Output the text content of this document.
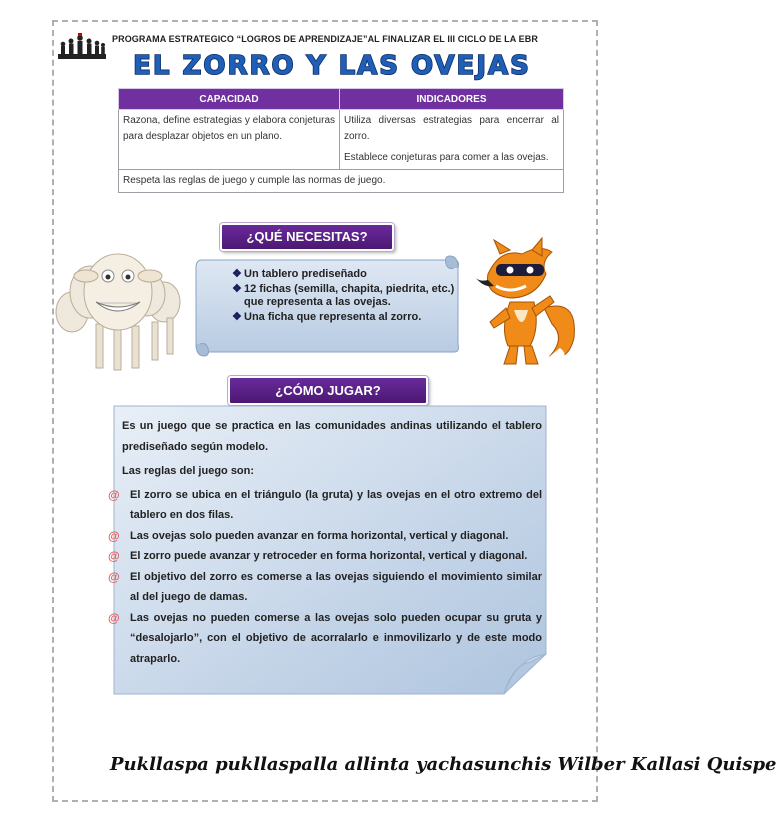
PROGRAMA ESTRATEGICO “LOGROS DE APRENDIZAJE”AL FINALIZAR EL III CICLO DE LA EBR
EL ZORRO Y LAS OVEJAS
CAPACIDAD	INDICADORES
Razona, define estrategias y elabora conjeturas para desplazar objetos en un plano.	Utiliza diversas estrategias para encerrar al zorro.
Establece conjeturas para comer a las ovejas.

Respeta las reglas de juego y cumple las normas de juego.	
¿QUÉ NECESITAS?
❖ Un tablero prediseñado
❖ 12 fichas (semilla, chapita, piedrita, etc.) que representa a las ovejas.
❖ Una ficha que representa al zorro.
¿CÓMO JUGAR?

Es un juego que se practica en las comunidades andinas utilizando el tablero prediseñado según modelo.

Las reglas del juego son:

@ El zorro se ubica en el triángulo (la gruta) y las ovejas en el otro extremo del tablero en dos filas.
@ Las ovejas solo pueden avanzar en forma horizontal, vertical y diagonal.
@ El zorro puede avanzar y retroceder en forma horizontal, vertical y diagonal.
@ El objetivo del zorro es comerse a las ovejas siguiendo el movimiento similar al del juego de damas.
@ Las ovejas no pueden comerse a las ovejas solo pueden ocupar su gruta y “desalojarlo”, con el objetivo de acorralarlo e inmovilizarlo y de este modo atraparlo.
Pukllaspa pukllaspalla allinta yachasunchis Wilber Kallasi Quispe
